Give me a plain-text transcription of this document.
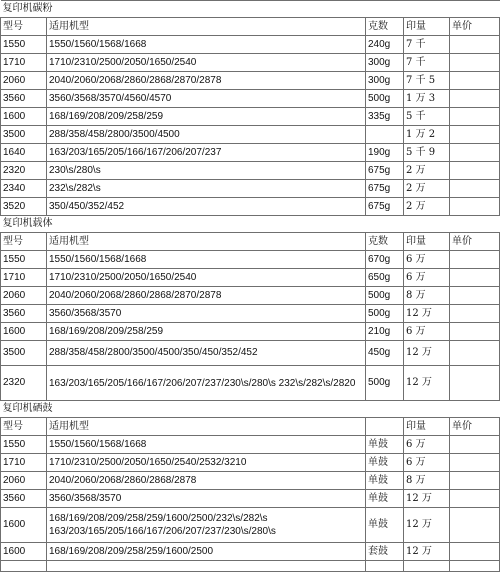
复印机碳粉				
型号	适用机型	克数	印量	单价
1550	1550/1560/1568/1668	240g	7 千	
1710	1710/2310/2500/2050/1650/2540	300g	7 千	
2060	2040/2060/2068/2860/2868/2870/2878	300g	7 千 5	
3560	3560/3568/3570/4560/4570	500g	1 万 3	
1600	168/169/208/209/258/259	335g	5 千	
3500	288/358/458/2800/3500/4500		1 万 2	
1640	163/203/165/205/166/167/206/207/237	190g	5 千 9	
2320	230\s/280\s	675g	2 万	
2340	232\s/282\s	675g	2 万	
3520	350/450/352/452	675g	2 万	
复印机载体				
型号	适用机型	克数	印量	单价
1550	1550/1560/1568/1668	670g	6 万	
1710	1710/2310/2500/2050/1650/2540	650g	6 万	
2060	2040/2060/2068/2860/2868/2870/2878	500g	8 万	
3560	3560/3568/3570	500g	12 万	
1600	168/169/208/209/258/259	210g	6 万	
3500	288/358/458/2800/3500/4500/350/450/352/452	450g	12 万	
2320	163/203/165/205/166/167/206/207/237/230\s/280\s 232\s/282\s/2820	500g	12 万	
复印机硒鼓				
型号	适用机型		印量	单价
1550	1550/1560/1568/1668	单鼓	6 万	
1710	1710/2310/2500/2050/1650/2540/2532/3210	单鼓	6 万	
2060	2040/2060/2068/2860/2868/2878	单鼓	8 万	
3560	3560/3568/3570	单鼓	12 万	
1600	168/169/208/209/258/259/1600/2500/232\s/282\s 163/203/165/205/166/167/206/207/237/230\s/280\s	单鼓	12 万	
1600	168/169/208/209/258/259/1600/2500	套鼓	12 万	
